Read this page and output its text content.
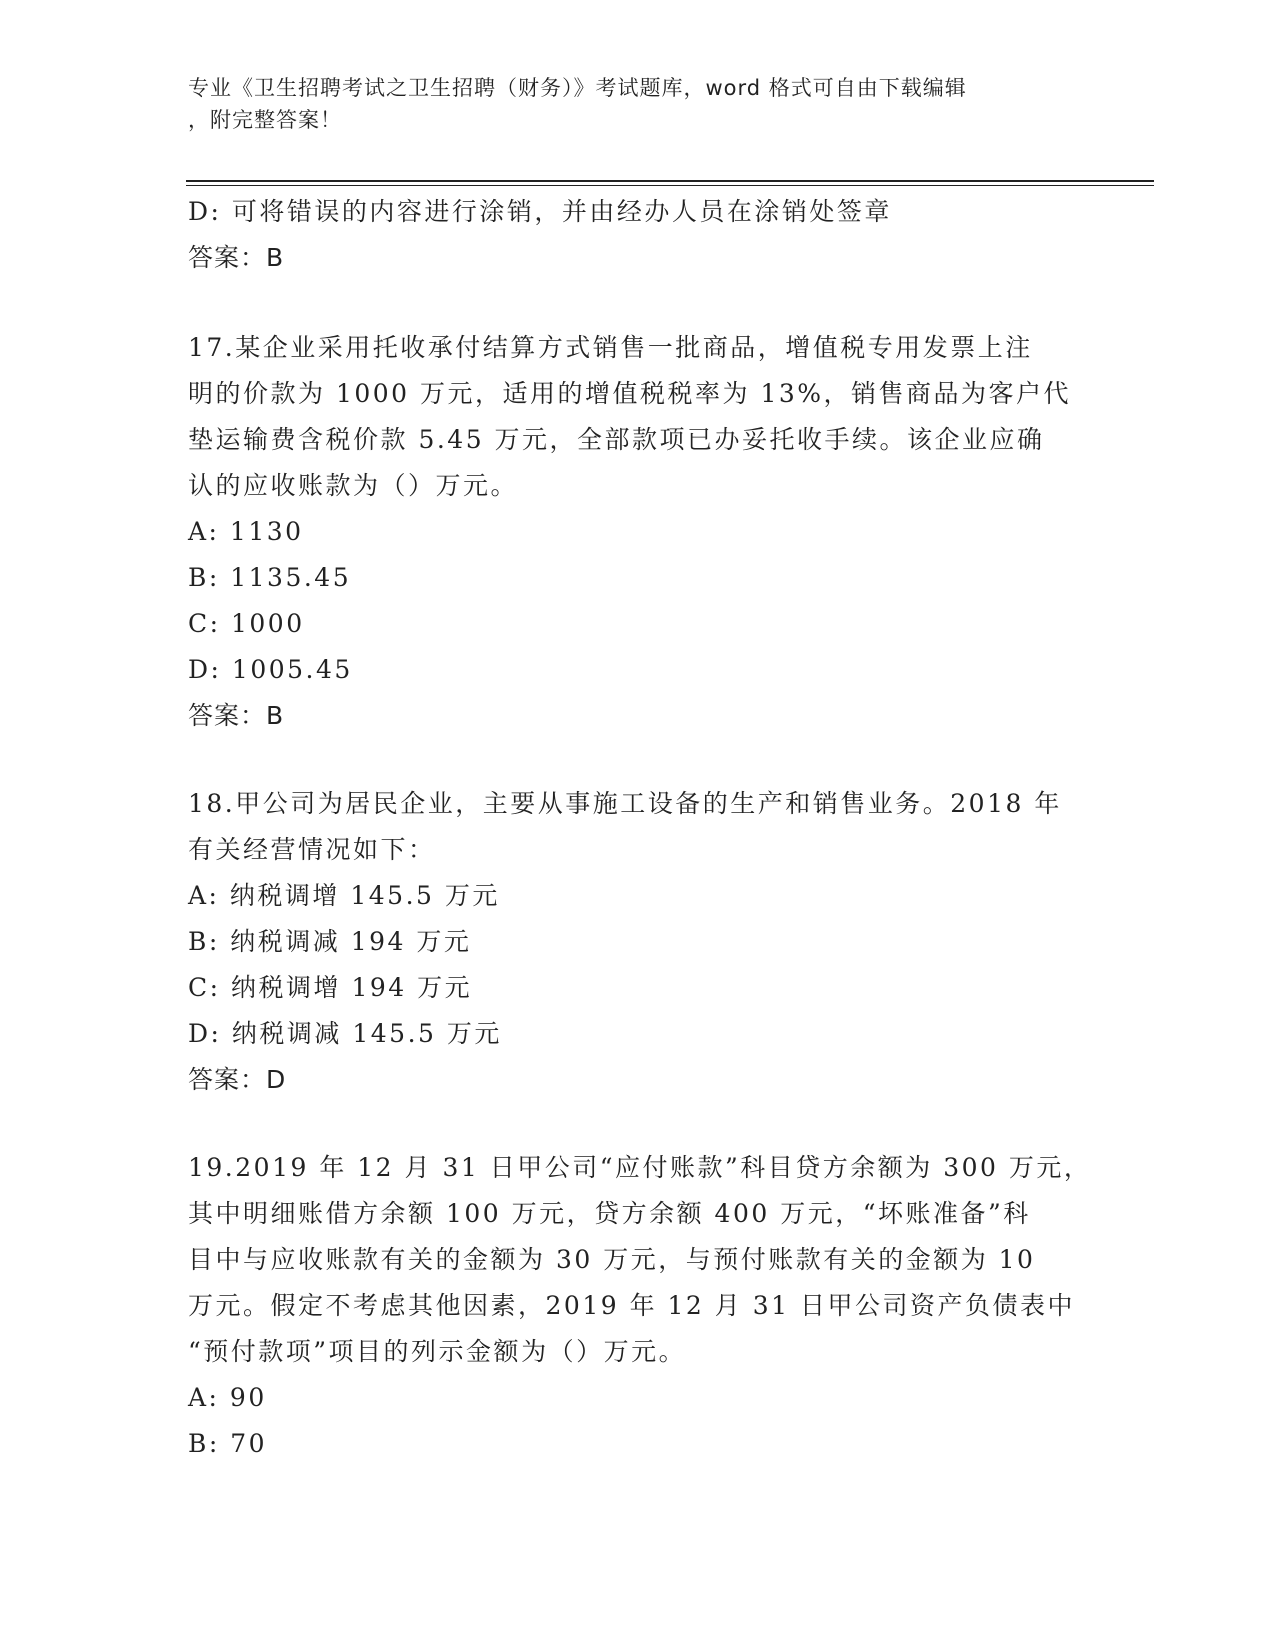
专业《卫生招聘考试之卫生招聘（财务）》考试题库，word 格式可自由下载编辑
，附完整答案！
D: 可将错误的内容进行涂销，并由经办人员在涂销处签章
答案：B
17.某企业采用托收承付结算方式销售一批商品，增值税专用发票上注
明的价款为 1000 万元，适用的增值税税率为 13%，销售商品为客户代
垫运输费含税价款 5.45 万元，全部款项已办妥托收手续。该企业应确
认的应收账款为（）万元。
A: 1130
B: 1135.45
C: 1000
D: 1005.45
答案：B
18.甲公司为居民企业，主要从事施工设备的生产和销售业务。2018 年
有关经营情况如下：
A: 纳税调增 145.5 万元
B: 纳税调减 194 万元
C: 纳税调增 194 万元
D: 纳税调减 145.5 万元
答案：D
19.2019 年 12 月 31 日甲公司“应付账款”科目贷方余额为 300 万元，
其中明细账借方余额 100 万元，贷方余额 400 万元，“坏账准备”科
目中与应收账款有关的金额为 30 万元，与预付账款有关的金额为 10
万元。假定不考虑其他因素，2019 年 12 月 31 日甲公司资产负债表中
“预付款项”项目的列示金额为（）万元。
A: 90
B: 70
